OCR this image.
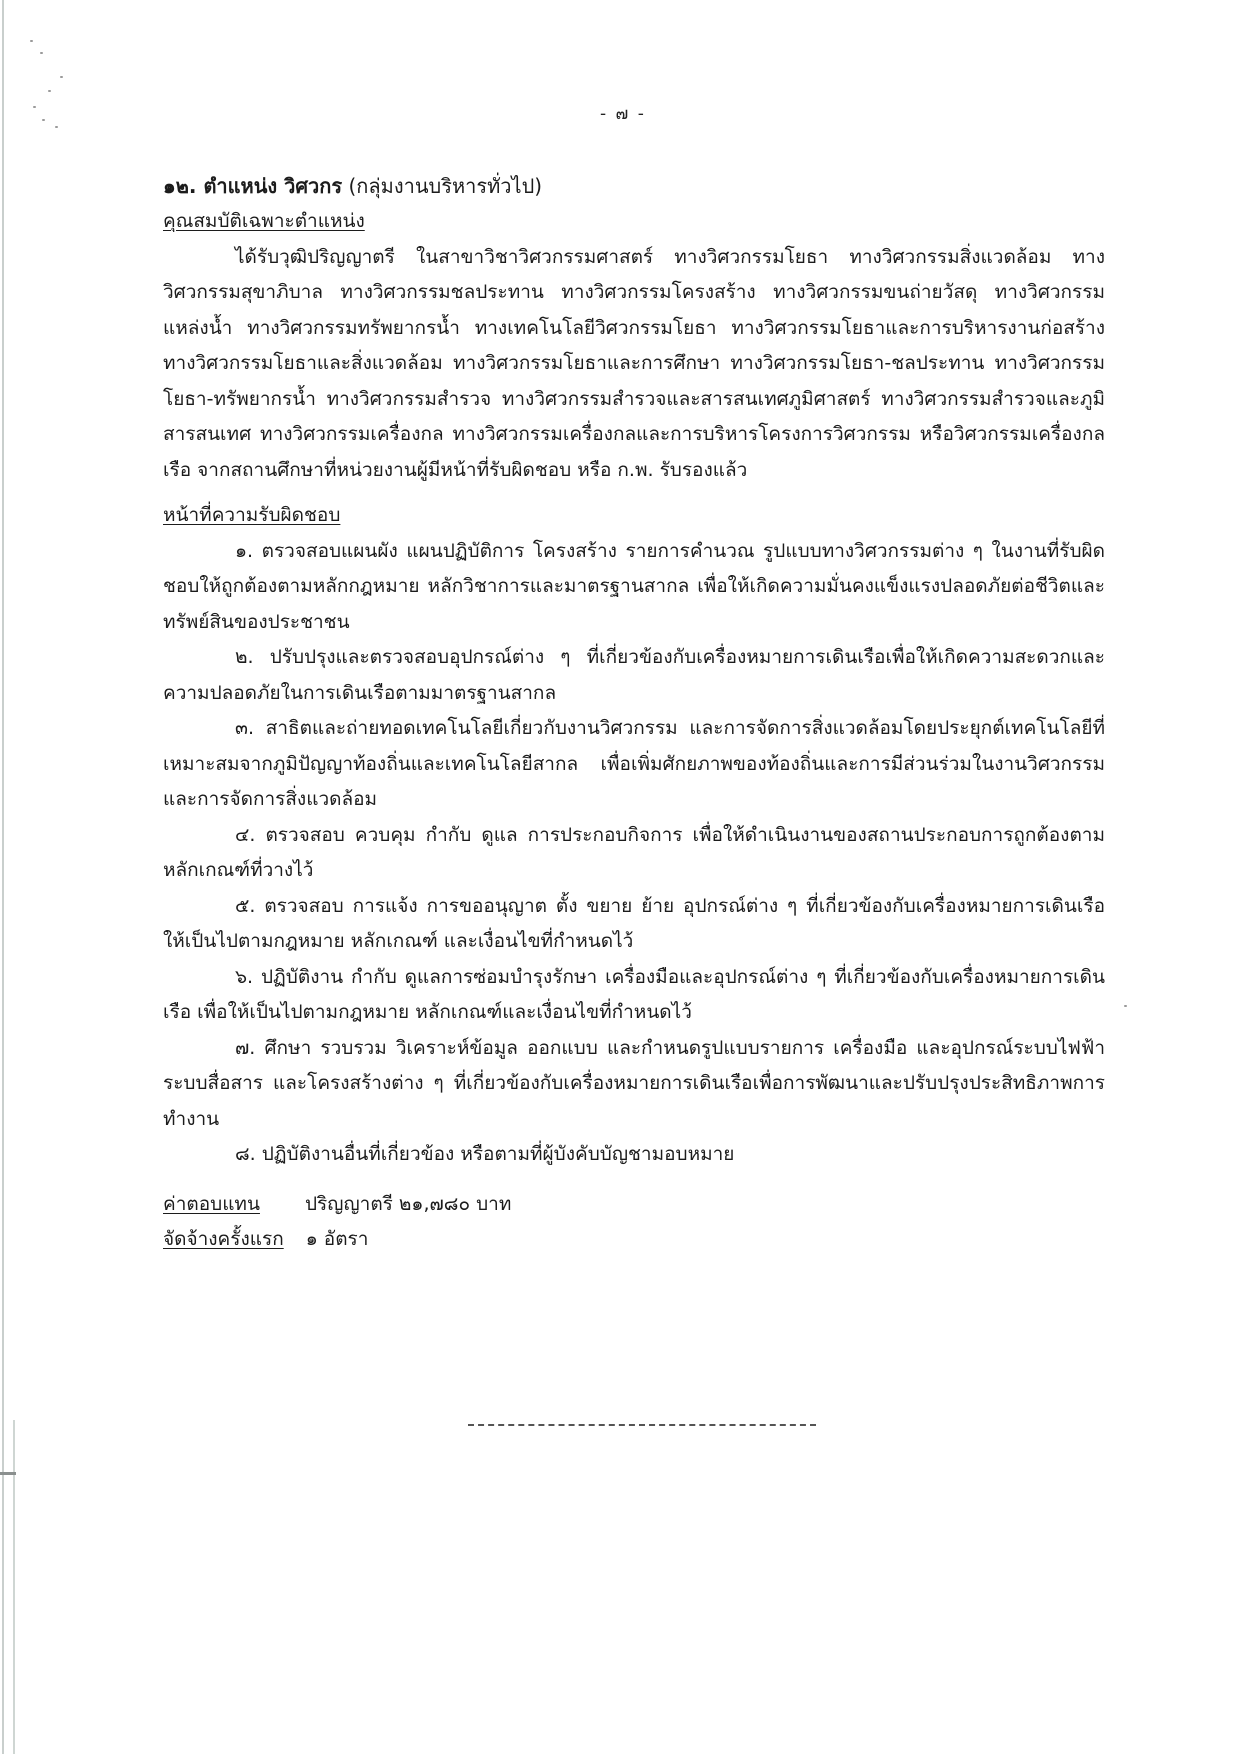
- ๗ -
๑๒. ตำแหน่ง วิศวกร (กลุ่มงานบริหารทั่วไป)
คุณสมบัติเฉพาะตำแหน่ง

ได้รับวุฒิปริญญาตรี ในสาขาวิชาวิศวกรรมศาสตร์ ทางวิศวกรรมโยธา ทางวิศวกรรมสิ่งแวดล้อม ทางวิศวกรรมสุขาภิบาล ทางวิศวกรรมชลประทาน ทางวิศวกรรมโครงสร้าง ทางวิศวกรรมขนถ่ายวัสดุ ทางวิศวกรรมแหล่งน้ำ ทางวิศวกรรมทรัพยากรน้ำ ทางเทคโนโลยีวิศวกรรมโยธา ทางวิศวกรรมโยธาและการบริหารงานก่อสร้าง ทางวิศวกรรมโยธาและสิ่งแวดล้อม ทางวิศวกรรมโยธาและการศึกษา ทางวิศวกรรมโยธา-ชลประทาน ทางวิศวกรรมโยธา-ทรัพยากรน้ำ ทางวิศวกรรมสำรวจ ทางวิศวกรรมสำรวจและสารสนเทศภูมิศาสตร์ ทางวิศวกรรมสำรวจและภูมิสารสนเทศ ทางวิศวกรรมเครื่องกล ทางวิศวกรรมเครื่องกลและการบริหารโครงการวิศวกรรม หรือวิศวกรรมเครื่องกลเรือ จากสถานศึกษาที่หน่วยงานผู้มีหน้าที่รับผิดชอบ หรือ ก.พ. รับรองแล้ว

หน้าที่ความรับผิดชอบ
๑. ตรวจสอบแผนผัง แผนปฏิบัติการ โครงสร้าง รายการคำนวณ รูปแบบทางวิศวกรรมต่าง ๆ ในงานที่รับผิดชอบให้ถูกต้องตามหลักกฎหมาย หลักวิชาการและมาตรฐานสากล เพื่อให้เกิดความมั่นคงแข็งแรงปลอดภัยต่อชีวิตและทรัพย์สินของประชาชน
๒. ปรับปรุงและตรวจสอบอุปกรณ์ต่าง ๆ ที่เกี่ยวข้องกับเครื่องหมายการเดินเรือเพื่อให้เกิดความสะดวกและความปลอดภัยในการเดินเรือตามมาตรฐานสากล
๓. สาธิตและถ่ายทอดเทคโนโลยีเกี่ยวกับงานวิศวกรรม และการจัดการสิ่งแวดล้อมโดยประยุกต์เทคโนโลยีที่เหมาะสมจากภูมิปัญญาท้องถิ่นและเทคโนโลยีสากล เพื่อเพิ่มศักยภาพของท้องถิ่นและการมีส่วนร่วมในงานวิศวกรรม และการจัดการสิ่งแวดล้อม
๔. ตรวจสอบ ควบคุม กำกับ ดูแล การประกอบกิจการ เพื่อให้ดำเนินงานของสถานประกอบการถูกต้องตามหลักเกณฑ์ที่วางไว้
๕. ตรวจสอบ การแจ้ง การขออนุญาต ตั้ง ขยาย ย้าย อุปกรณ์ต่าง ๆ ที่เกี่ยวข้องกับเครื่องหมายการเดินเรือ ให้เป็นไปตามกฎหมาย หลักเกณฑ์ และเงื่อนไขที่กำหนดไว้
๖. ปฏิบัติงาน กำกับ ดูแลการซ่อมบำรุงรักษา เครื่องมือและอุปกรณ์ต่าง ๆ ที่เกี่ยวข้องกับเครื่องหมายการเดินเรือ เพื่อให้เป็นไปตามกฎหมาย หลักเกณฑ์และเงื่อนไขที่กำหนดไว้
๗. ศึกษา รวบรวม วิเคราะห์ข้อมูล ออกแบบ และกำหนดรูปแบบรายการ เครื่องมือ และอุปกรณ์ระบบไฟฟ้า ระบบสื่อสาร และโครงสร้างต่าง ๆ ที่เกี่ยวข้องกับเครื่องหมายการเดินเรือเพื่อการพัฒนาและปรับปรุงประสิทธิภาพการทำงาน
๘. ปฏิบัติงานอื่นที่เกี่ยวข้อง หรือตามที่ผู้บังคับบัญชามอบหมาย
ค่าตอบแทน	ปริญญาตรี ๒๑,๗๘๐ บาท
จัดจ้างครั้งแรก ๑ อัตรา
